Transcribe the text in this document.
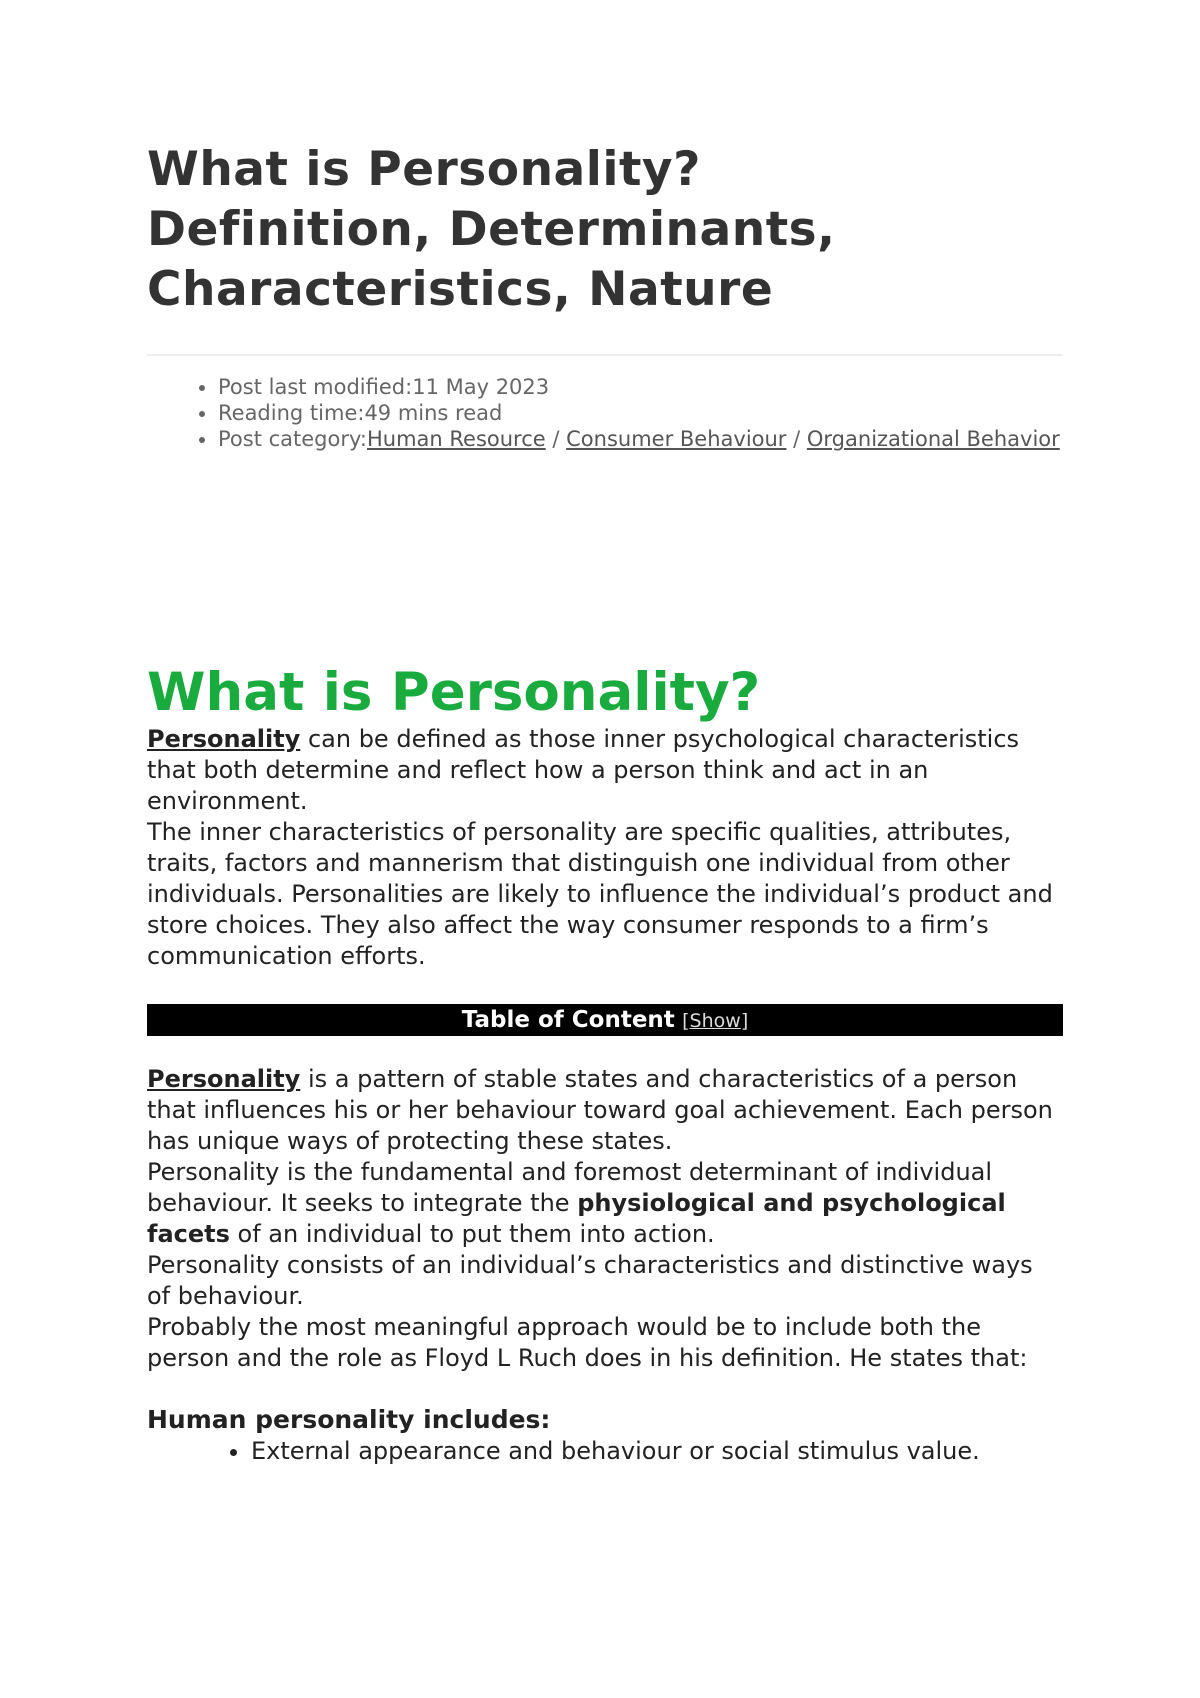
What is Personality?
Definition, Determinants,
Characteristics, Nature
• Post last modified:11 May 2023
• Reading time:49 mins read
• Post category:Human Resource / Consumer Behaviour / Organizational Behavior
What is Personality?

Personality can be defined as those inner psychological characteristics that both determine and reflect how a person think and act in an environment.

The inner characteristics of personality are specific qualities, attributes, traits, factors and mannerism that distinguish one individual from other individuals. Personalities are likely to influence the individual’s product and store choices. They also affect the way consumer responds to a firm’s communication efforts.

Table of Content [Show]

Personality is a pattern of stable states and characteristics of a person that influences his or her behaviour toward goal achievement. Each person has unique ways of protecting these states.

Personality is the fundamental and foremost determinant of individual behaviour. It seeks to integrate the physiological and psychological facets of an individual to put them into action.

Personality consists of an individual’s characteristics and distinctive ways of behaviour.

Probably the most meaningful approach would be to include both the person and the role as Floyd L Ruch does in his definition. He states that:

Human personality includes:
• External appearance and behaviour or social stimulus value.
